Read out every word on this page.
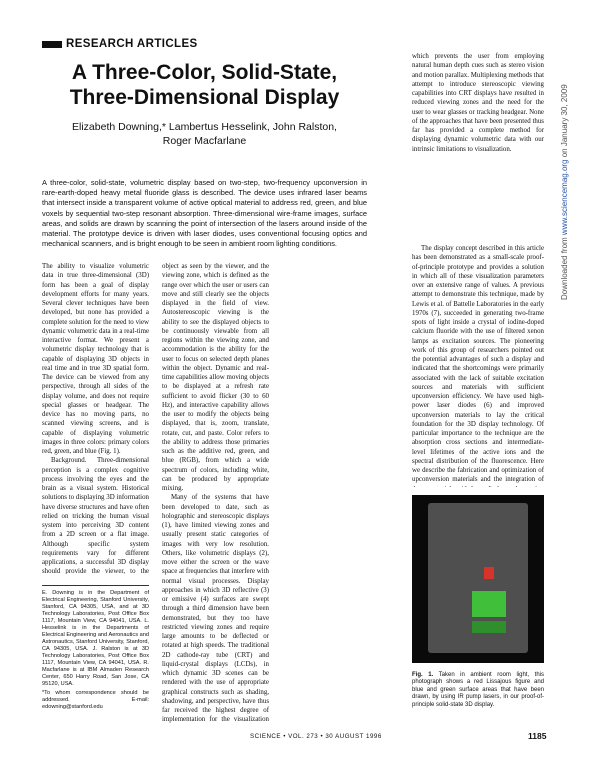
RESEARCH ARTICLES
A Three-Color, Solid-State, Three-Dimensional Display
Elizabeth Downing,* Lambertus Hesselink, John Ralston,
Roger Macfarlane

A three-color, solid-state, volumetric display based on two-step, two-frequency upconversion in rare-earth-doped heavy metal fluoride glass is described. The device uses infrared laser beams that intersect inside a transparent volume of active optical material to address red, green, and blue voxels by sequential two-step resonant absorption. Three-dimensional wire-frame images, surface areas, and solids are drawn by scanning the point of intersection of the lasers around inside of the material. The prototype device is driven with laser diodes, uses conventional focusing optics and mechanical scanners, and is bright enough to be seen in ambient room lighting conditions.

The ability to visualize volumetric data in true three-dimensional (3D) form has been a goal of display development efforts for many years. Several clever techniques have been developed, but none has provided a complete solution for the need to view dynamic volumetric data in a real-time interactive format. We present a volumetric display technology that is capable of displaying 3D objects in real time and in true 3D spatial form. The device can be viewed from any perspective, through all sides of the display volume, and does not require special glasses or headgear. The device has no moving parts, no scanned viewing screens, and is capable of displaying volumetric images in three colors: primary colors red, green, and blue (Fig. 1).

Background. Three-dimensional perception is a complex cognitive process involving the eyes and the brain as a visual system. Historical solutions to displaying 3D information have diverse structures and have often relied on tricking the human visual system into perceiving 3D content from a 2D screen or a flat image. Although specific system requirements vary for different applications, a successful 3D display should provide the viewer, to the

E. Downing is in the Department of Electrical Engineering, Stanford University, Stanford, CA 94305, USA, and at 3D Technology Laboratories, Post Office Box 1117, Mountain View, CA 94041, USA. L. Hesselink is in the Departments of Electrical Engineering and Aeronautics and Astronautics, Stanford University, Stanford, CA 94305, USA. J. Ralston is at 3D Technology Laboratories, Post Office Box 1117, Mountain View, CA 94041, USA. R. Macfarlane is at IBM Almaden Research Center, 650 Harry Road, San Jose, CA 95120, USA.

*To whom correspondence should be addressed. E-mail: edowning@stanford.edu

object as seen by the viewer, and the viewing zone, which is defined as the range over which the user or users can move and still clearly see the objects displayed in the field of view. Autostereoscopic viewing is the ability to see the displayed objects to be continuously viewable from all regions within the viewing zone, and accommodation is the ability for the user to focus on selected depth planes within the object. Dynamic and real-time capabilities allow moving objects to be displayed at a refresh rate sufficient to avoid flicker (30 to 60 Hz), and interactive capability allows the user to modify the objects being displayed, that is, zoom, translate, rotate, cut, and paste. Color refers to the ability to address those primaries such as the additive red, green, and blue (RGB), from which a wide spectrum of colors, including white, can be produced by appropriate mixing.

Many of the systems that have been developed to date, such as holographic and stereoscopic displays (1), have limited viewing zones and usually present static categories of images with very low resolution. Others, like volumetric displays (2), move either the screen or the wave space at frequencies that interfere with normal visual processes. Display approaches in which 3D reflective (3) or emissive (4) surfaces are swept through a third dimension have been demonstrated, but they too have restricted viewing zones and require large amounts to be deflected or rotated at high speeds. The traditional 2D cathode-ray tube (CRT) and liquid-crystal displays (LCDs), in which dynamic 3D scenes can be rendered with the use of appropriate graphical constructs such as shading, shadowing, and perspective, have thus far received the highest degree of implementation for the visualization

which prevents the user from employing natural human depth cues such as stereo vision and motion parallax. Multiplexing methods that attempt to introduce stereoscopic viewing capabilities into CRT displays have resulted in reduced viewing zones and the need for the user to wear glasses or tracking headgear. None of the approaches that have been presented thus far has provided a complete method for displaying dynamic volumetric data with our intrinsic limitations to visualization.

The display concept described in this article has been demonstrated as a small-scale proof-of-principle prototype and provides a solution in which all of these visualization parameters over an extensive range of values. A previous attempt to demonstrate this technique, made by Lewis et al. of Battelle Laboratories in the early 1970s (7), succeeded in generating two-frame spots of light inside a crystal of iodine-doped calcium fluoride with the use of filtered xenon lamps as excitation sources. The pioneering work of this group of researchers pointed out the potential advantages of such a display and indicated that the shortcomings were primarily associated with the lack of suitable excitation sources and materials with sufficient upconversion efficiency. We have used high-power laser diodes (6) and improved upconversion materials to lay the critical foundation for the 3D display technology. Of particular importance to the technique are the absorption cross sections and intermediate-level lifetimes of the active ions and the spectral distribution of the fluorescence. Here we describe the fabrication and optimization of upconversion materials and the integration of

Fig. 1. Taken in ambient room light, this photograph shows a red Lissajous figure and blue and green surface areas that have been drawn, by using IR pump lasers, in our proof-of-principle solid-state 3D display.

SCIENCE • VOL. 273 • 30 AUGUST 1996	1185
Downloaded from www.sciencemag.org on January 30, 2009
